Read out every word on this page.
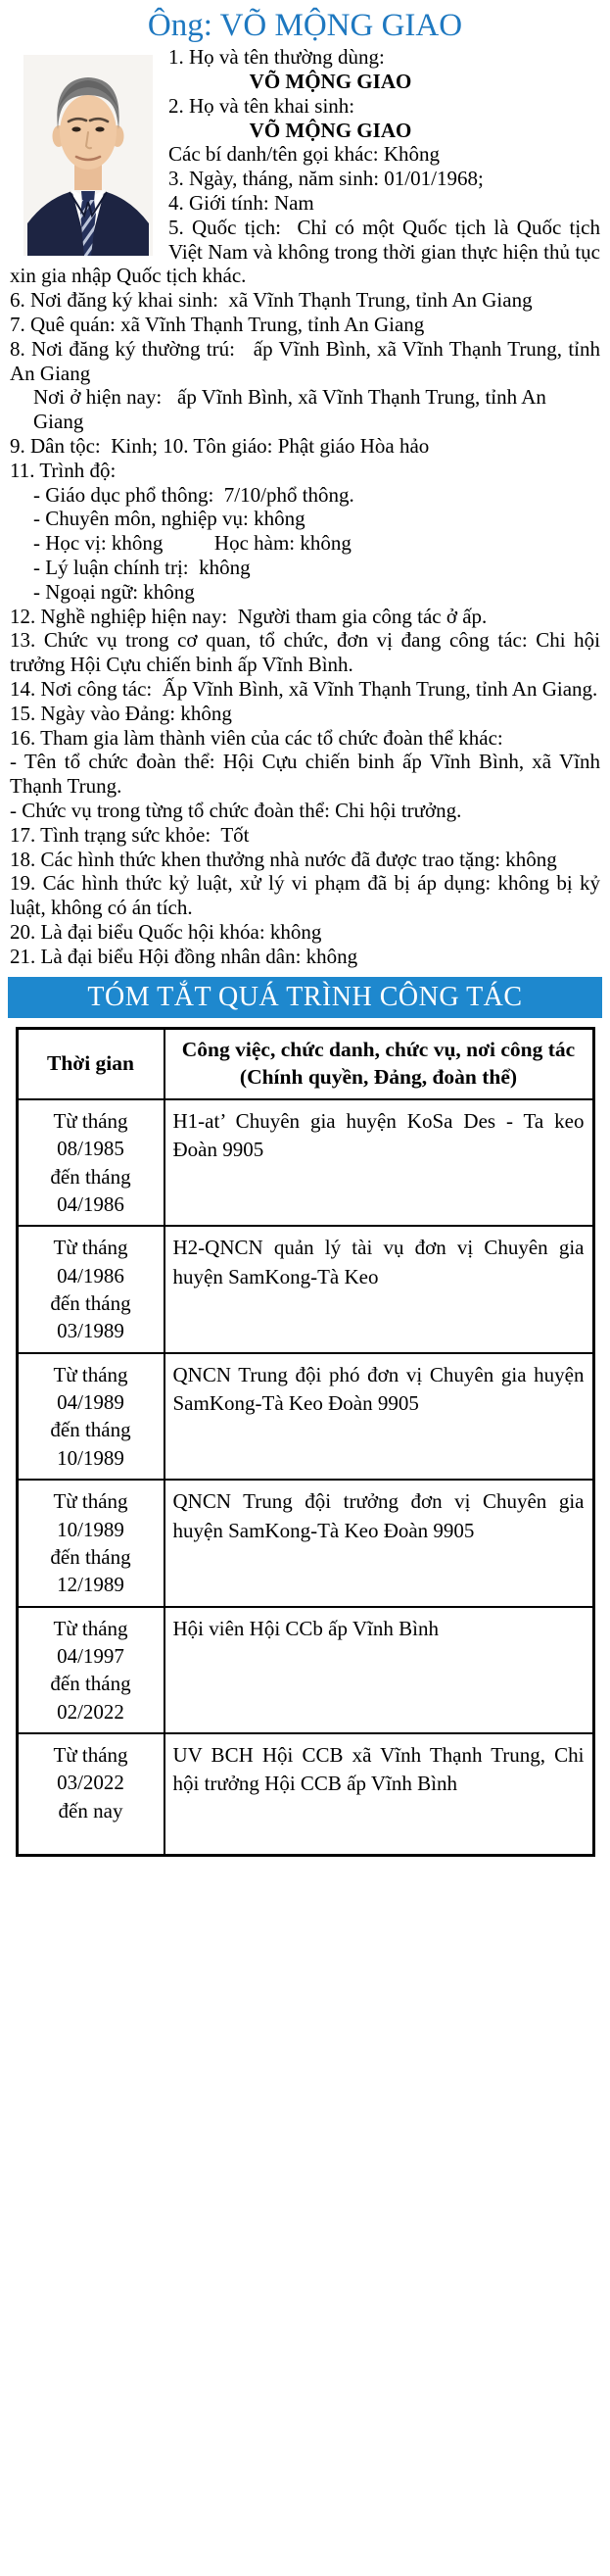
Ông: VÕ MỘNG GIAO

1. Họ và tên thường dùng:

VÕ MỘNG GIAO

2. Họ và tên khai sinh:

VÕ MỘNG GIAO

Các bí danh/tên gọi khác: Không

3. Ngày, tháng, năm sinh: 01/01/1968;

4. Giới tính: Nam

5. Quốc tịch:  Chỉ có một Quốc tịch là Quốc tịch Việt Nam và không trong thời gian thực hiện thủ tục xin gia nhập Quốc tịch khác.

6. Nơi đăng ký khai sinh:  xã Vĩnh Thạnh Trung, tỉnh An Giang

7. Quê quán: xã Vĩnh Thạnh Trung, tỉnh An Giang

8. Nơi đăng ký thường trú:   ấp Vĩnh Bình, xã Vĩnh Thạnh Trung, tỉnh An Giang

Nơi ở hiện nay:   ấp Vĩnh Bình, xã Vĩnh Thạnh Trung, tỉnh An Giang

9. Dân tộc:  Kinh; 10. Tôn giáo: Phật giáo Hòa hảo

11. Trình độ:

- Giáo dục phổ thông:  7/10/phổ thông.

- Chuyên môn, nghiệp vụ: không

- Học vị: không          Học hàm: không

- Lý luận chính trị:  không

- Ngoại ngữ: không

12. Nghề nghiệp hiện nay:  Người tham gia công tác ở ấp.

13. Chức vụ trong cơ quan, tổ chức, đơn vị đang công tác: Chi hội trưởng Hội Cựu chiến binh ấp Vĩnh Bình.

14. Nơi công tác:  Ấp Vĩnh Bình, xã Vĩnh Thạnh Trung, tỉnh An Giang.

15. Ngày vào Đảng: không

16. Tham gia làm thành viên của các tổ chức đoàn thể khác:

- Tên tổ chức đoàn thể: Hội Cựu chiến binh ấp Vĩnh Bình, xã Vĩnh Thạnh Trung.

- Chức vụ trong từng tổ chức đoàn thể: Chi hội trưởng.

17. Tình trạng sức khỏe:  Tốt

18. Các hình thức khen thưởng nhà nước đã được trao tặng: không

19. Các hình thức kỷ luật, xử lý vi phạm đã bị áp dụng: không bị kỷ luật, không có án tích.

20. Là đại biểu Quốc hội khóa: không

21. Là đại biểu Hội đồng nhân dân: không

TÓM TẮT QUÁ TRÌNH CÔNG TÁC
Thời gian	Công việc, chức danh, chức vụ, nơi công tác
(Chính quyền, Đảng, đoàn thể)
Từ tháng 08/1985
đến tháng 04/1986	H1-at’ Chuyên gia huyện KoSa Des - Ta keo Đoàn 9905
Từ tháng 04/1986
đến tháng 03/1989	H2-QNCN quản lý tài vụ đơn vị Chuyên gia huyện SamKong-Tà Keo
Từ tháng 04/1989
đến tháng 10/1989	QNCN Trung đội phó đơn vị Chuyên gia huyện SamKong-Tà Keo Đoàn 9905
Từ tháng 10/1989
đến tháng 12/1989	QNCN Trung đội trưởng đơn vị Chuyên gia huyện SamKong-Tà Keo Đoàn 9905
Từ tháng 04/1997
đến tháng 02/2022	Hội viên Hội CCb ấp Vĩnh Bình
Từ tháng 03/2022
đến nay	UV BCH Hội CCB xã Vĩnh Thạnh Trung, Chi hội trưởng Hội CCB ấp Vĩnh Bình
